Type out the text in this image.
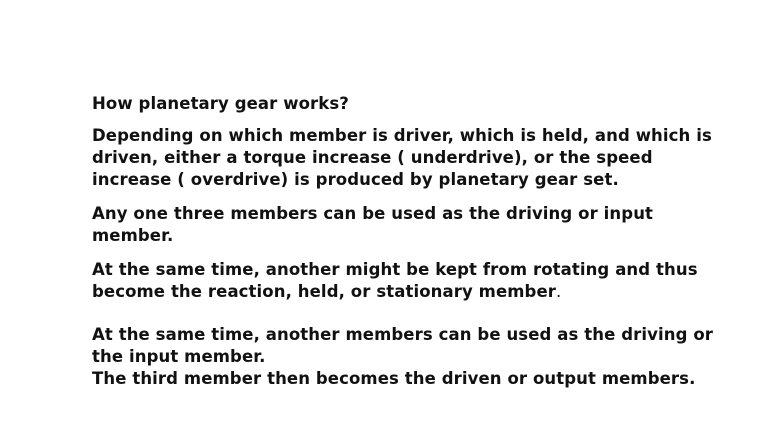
How planetary gear works?

Depending on which member is driver, which is held, and which is driven, either a torque increase ( underdrive), or the speed increase ( overdrive) is produced by planetary gear set.

Any one three members can be used as the driving or input member.

At the same time, another might be kept from rotating and thus become the reaction, held, or stationary member.

At the same time, another members can be used as the driving or the input member.

The third member then becomes the driven or output members.
